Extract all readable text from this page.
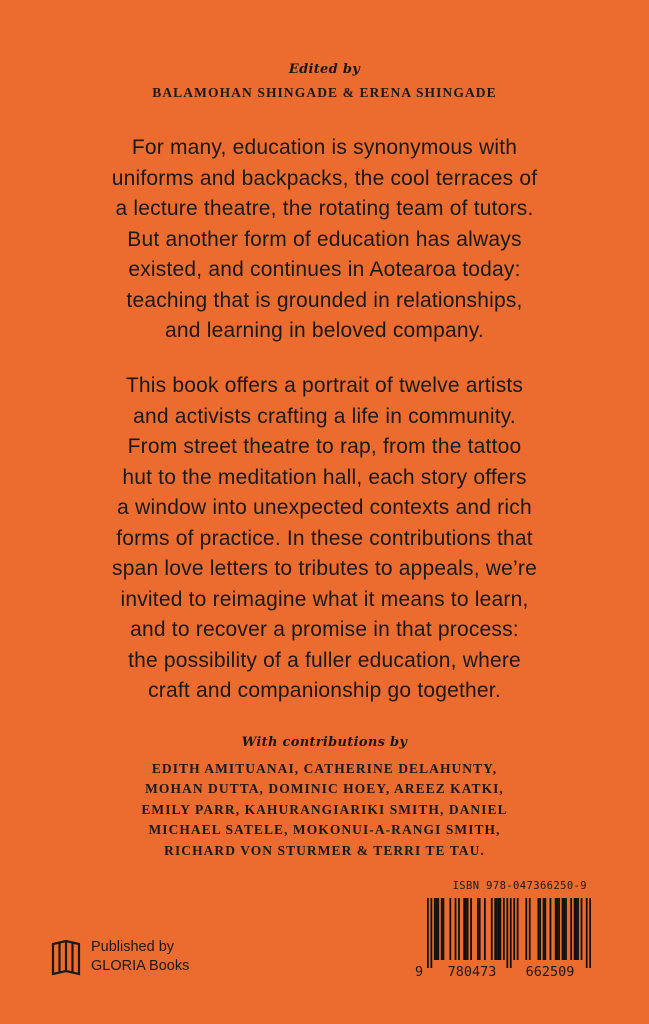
Edited by
BALAMOHAN SHINGADE & ERENA SHINGADE
For many, education is synonymous with
uniforms and backpacks, the cool terraces of
a lecture theatre, the rotating team of tutors.
But another form of education has always
existed, and continues in Aotearoa today:
teaching that is grounded in relationships,
and learning in beloved company.
This book offers a portrait of twelve artists
and activists crafting a life in community.
From street theatre to rap, from the tattoo
hut to the meditation hall, each story offers
a window into unexpected contexts and rich
forms of practice. In these contributions that
span love letters to tributes to appeals, we’re
invited to reimagine what it means to learn,
and to recover a promise in that process:
the possibility of a fuller education, where
craft and companionship go together.
With contributions by
EDITH AMITUANAI, CATHERINE DELAHUNTY,
MOHAN DUTTA, DOMINIC HOEY, AREEZ KATKI,
EMILY PARR, KAHURANGIARIKI SMITH, DANIEL
MICHAEL SATELE, MOKONUI-A-RANGI SMITH,
RICHARD VON STURMER & TERRI TE TAU.
Published by
GLORIA Books
ISBN 978-047366250-9
9	780473	662509
